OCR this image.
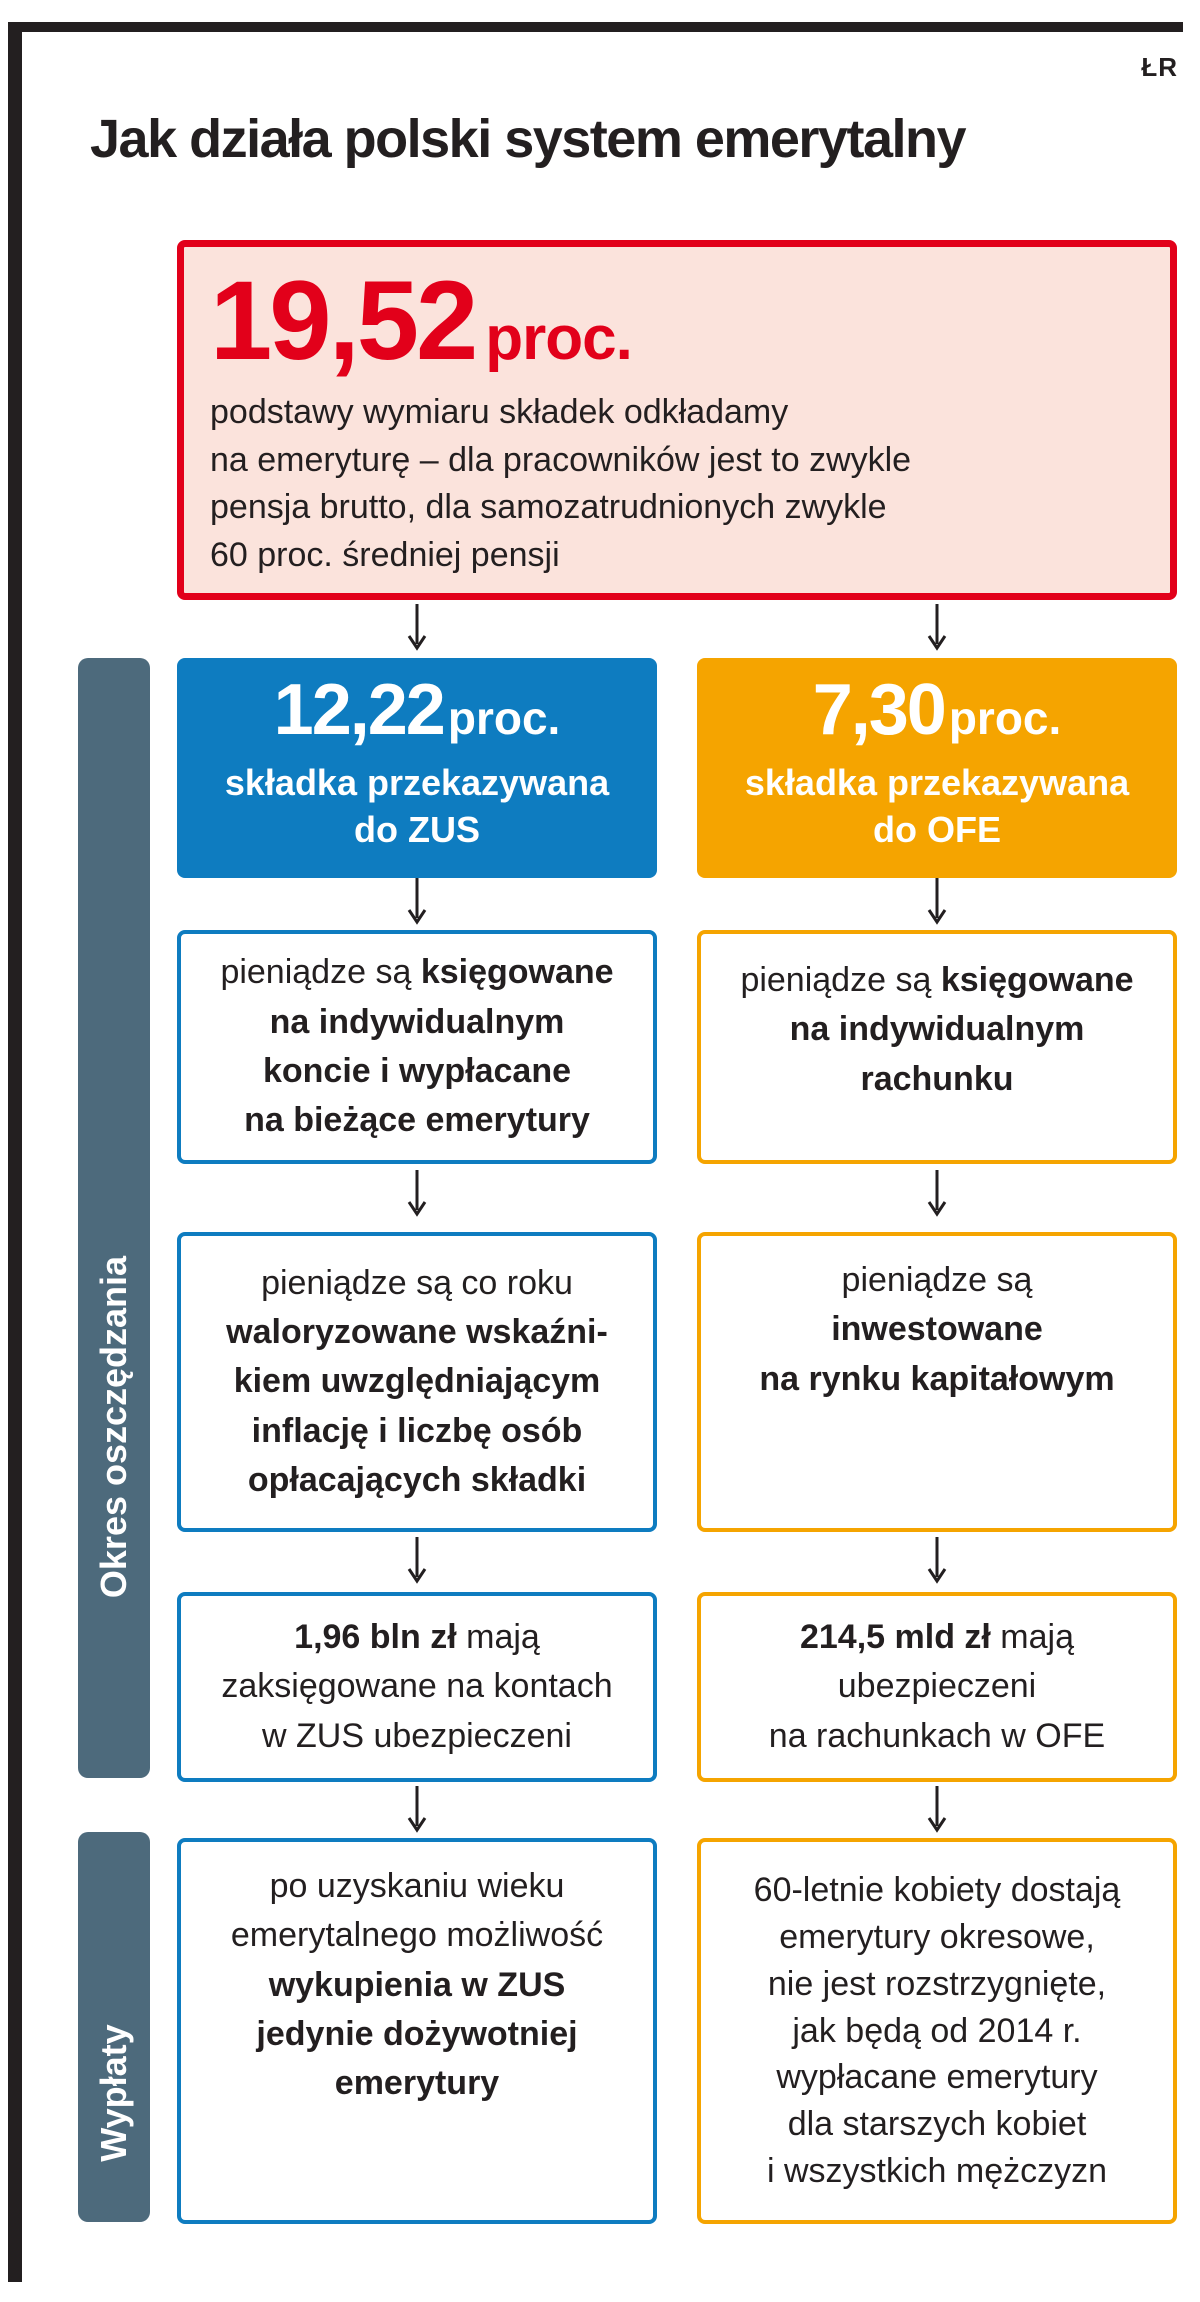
ŁR
Jak działa polski system emerytalny
19,52 proc.
podstawy wymiaru składek odkładamy
na emeryturę – dla pracowników jest to zwykle
pensja brutto, dla samozatrudnionych zwykle
60 proc. średniej pensji
Okres oszczędzania
Wypłaty
12,22proc.
składka przekazywana
do ZUS
7,30proc.
składka przekazywana
do OFE
pieniądze są księgowane
na indywidualnym
koncie i wypłacane
na bieżące emerytury
pieniądze są księgowane
na indywidualnym
rachunku
pieniądze są co roku
waloryzowane wskaźni-
kiem uwzględniającym
inflację i liczbę osób
opłacających składki
pieniądze są
inwestowane
na rynku kapitałowym
1,96 bln zł mają
zaksięgowane na kontach
w ZUS ubezpieczeni
214,5 mld zł mają
ubezpieczeni
na rachunkach w OFE
po uzyskaniu wieku
emerytalnego możliwość
wykupienia w ZUS
jedynie dożywotniej
emerytury
60-letnie kobiety dostają
emerytury okresowe,
nie jest rozstrzygnięte,
jak będą od 2014 r.
wypłacane emerytury
dla starszych kobiet
i wszystkich mężczyzn
